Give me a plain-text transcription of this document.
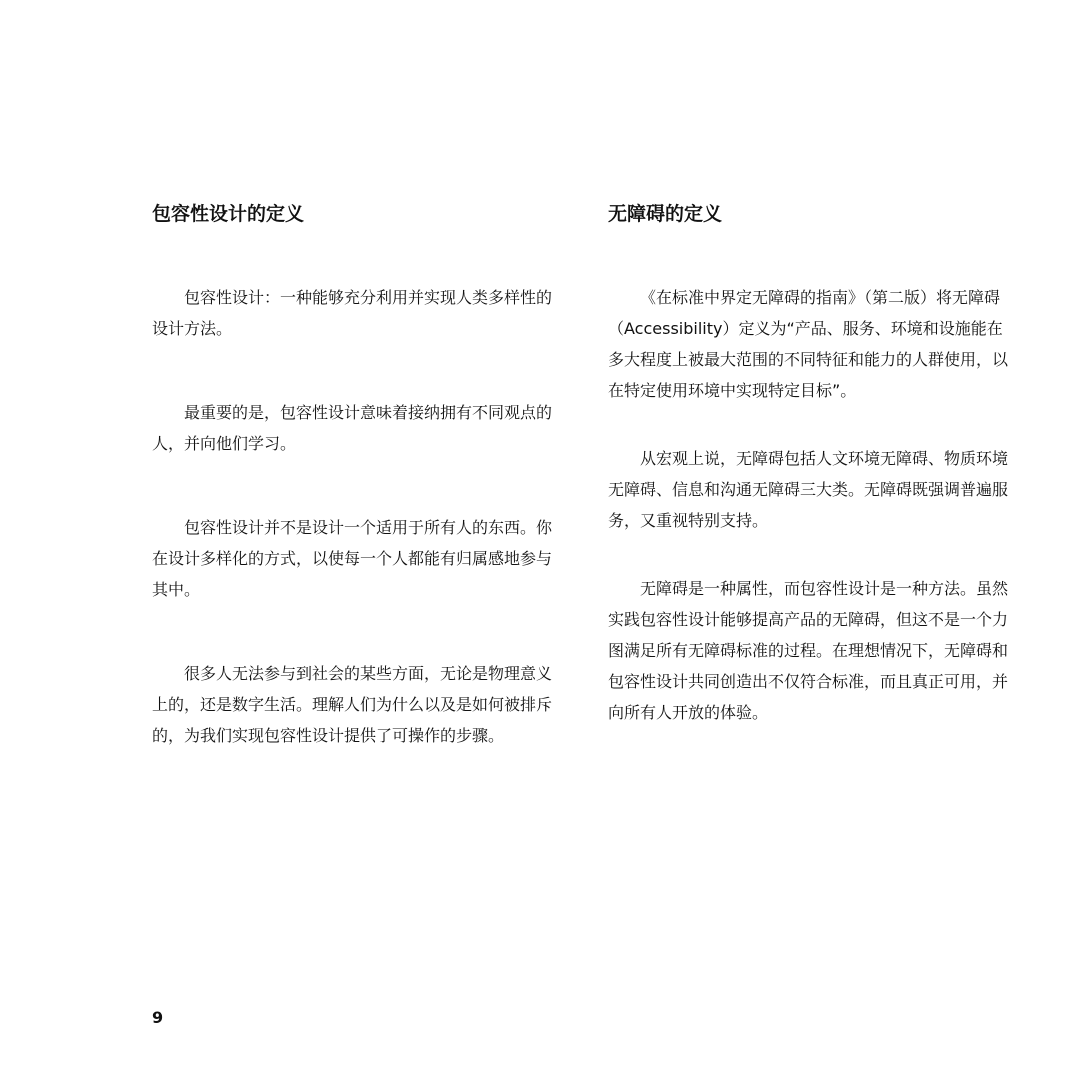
包容性设计的定义

包容性设计：一种能够充分利用并实现人类多样性的设计方法。

最重要的是，包容性设计意味着接纳拥有不同观点的人，并向他们学习。

包容性设计并不是设计一个适用于所有人的东西。你在设计多样化的方式，以使每一个人都能有归属感地参与其中。

很多人无法参与到社会的某些方面，无论是物理意义上的，还是数字生活。理解人们为什么以及是如何被排斥的，为我们实现包容性设计提供了可操作的步骤。

无障碍的定义

《在标准中界定无障碍的指南》（第二版）将无障碍（Accessibility）定义为“产品、服务、环境和设施能在多大程度上被最大范围的不同特征和能力的人群使用，以在特定使用环境中实现特定目标”。

从宏观上说，无障碍包括人文环境无障碍、物质环境无障碍、信息和沟通无障碍三大类。无障碍既强调普遍服务，又重视特别支持。

无障碍是一种属性，而包容性设计是一种方法。虽然实践包容性设计能够提高产品的无障碍，但这不是一个力图满足所有无障碍标准的过程。在理想情况下，无障碍和包容性设计共同创造出不仅符合标准，而且真正可用，并向所有人开放的体验。

9
